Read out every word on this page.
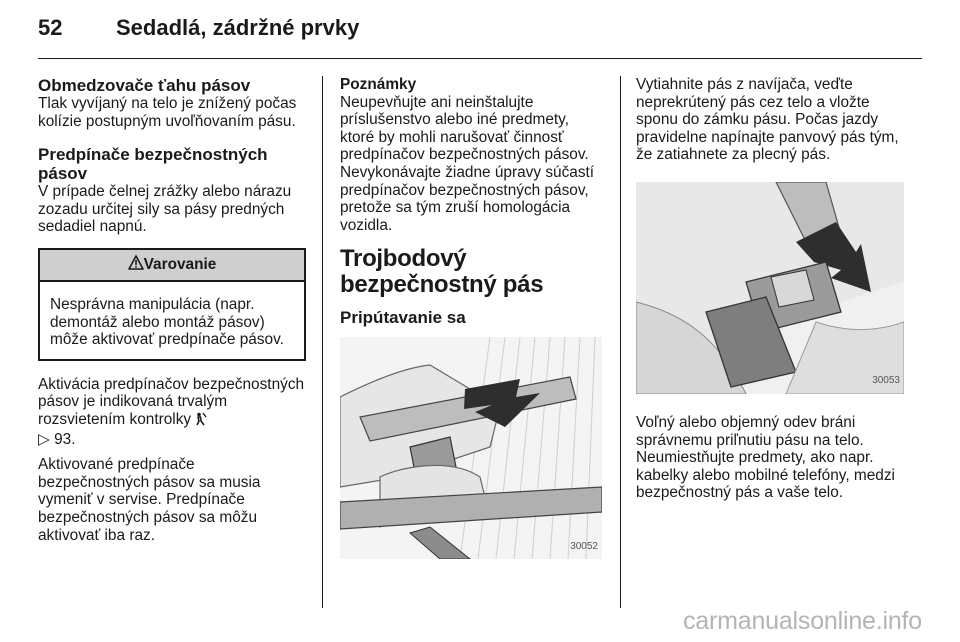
52 Sedadlá, zádržné prvky
Obmedzovače ťahu pásov

Tlak vyvíjaný na telo je znížený počas kolízie postupným uvoľňovaním pásu.

Predpínače bezpečnostných pásov

V prípade čelnej zrážky alebo nárazu zozadu určitej sily sa pásy predných sedadiel napnú.

Varovanie
Nesprávna manipulácia (napr. demontáž alebo montáž pásov) môže aktivovať predpínače pásov.

Aktivácia predpínačov bezpečnostných pásov je indikovaná trvalým rozsvietením kontrolky
▷ 93.

Aktivované predpínače bezpečnostných pásov sa musia vymeniť v servise. Predpínače bezpečnostných pásov sa môžu aktivovať iba raz.

Poznámky

Neupevňujte ani neinštalujte príslušenstvo alebo iné predmety, ktoré by mohli narušovať činnosť predpínačov bezpečnostných pásov. Nevykonávajte žiadne úpravy súčastí predpínačov bezpečnostných pásov, pretože sa tým zruší homologácia vozidla.

Trojbodový bezpečnostný pás
Pripútavanie sa
30052

Vytiahnite pás z navíjača, veďte neprekrútený pás cez telo a vložte sponu do zámku pásu. Počas jazdy pravidelne napínajte panvový pás tým, že zatiahnete za plecný pás.

30053

Voľný alebo objemný odev bráni správnemu priľnutiu pásu na telo. Neumiestňujte predmety, ako napr. kabelky alebo mobilné telefóny, medzi bezpečnostný pás a vaše telo.

carmanualsonline.info
